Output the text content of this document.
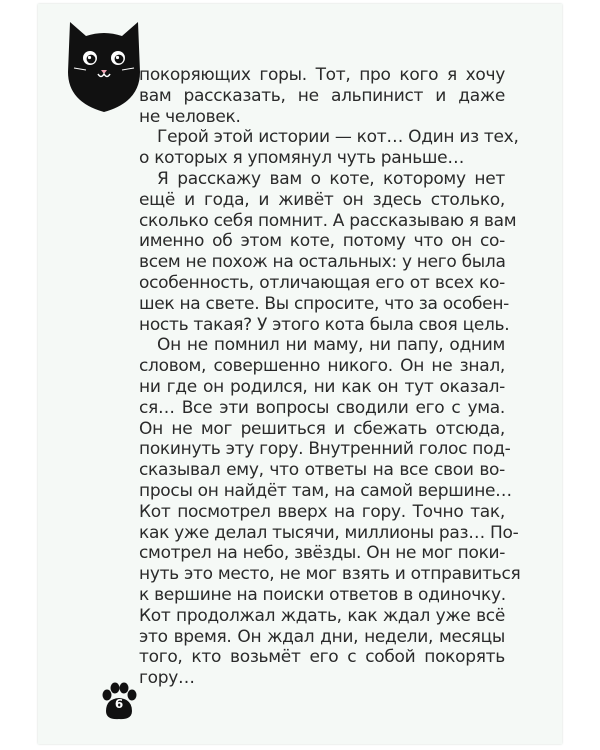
покоряющих горы. Тот, про кого я хочу
вам рассказать, не альпинист и даже
не человек.
Герой этой истории — кот… Один из тех,
о которых я упомянул чуть раньше…
Я расскажу вам о коте, которому нет
ещё и года, и живёт он здесь столько,
сколько себя помнит. А рассказываю я вам
именно об этом коте, потому что он со-
всем не похож на остальных: у него была
особенность, отличающая его от всех ко-
шек на свете. Вы спросите, что за особен-
ность такая? У этого кота была своя цель.
Он не помнил ни маму, ни папу, одним
словом, совершенно никого. Он не знал,
ни где он родился, ни как он тут оказал-
ся… Все эти вопросы сводили его с ума.
Он не мог решиться и сбежать отсюда,
покинуть эту гору. Внутренний голос под-
сказывал ему, что ответы на все свои во-
просы он найдёт там, на самой вершине…
Кот посмотрел вверх на гору. Точно так,
как уже делал тысячи, миллионы раз… По-
смотрел на небо, звёзды. Он не мог поки-
нуть это место, не мог взять и отправиться
к вершине на поиски ответов в одиночку.
Кот продолжал ждать, как ждал уже всё
это время. Он ждал дни, недели, месяцы
того, кто возьмёт его с собой покорять
гору…
6
